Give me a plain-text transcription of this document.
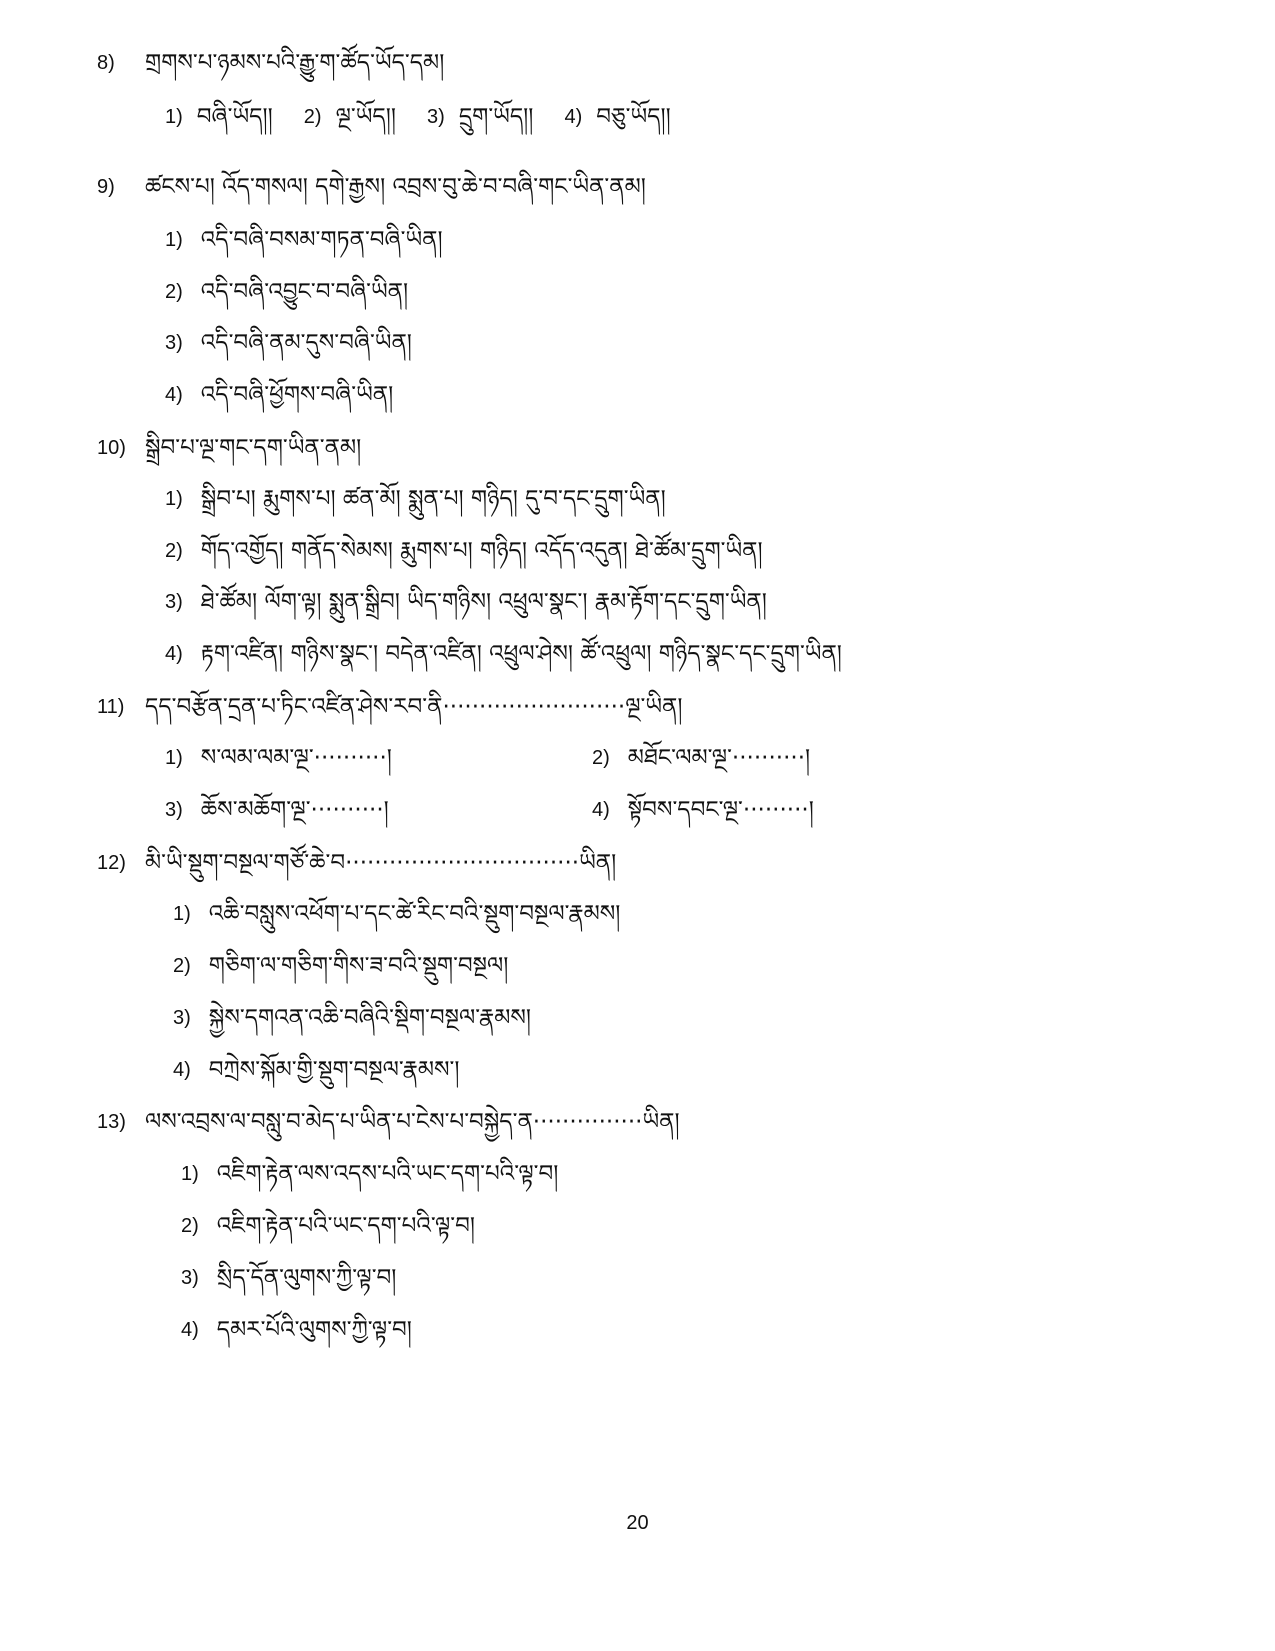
8) གྲགས་པ་ཉམས་པའི་རྒྱུ་ག་ཚོད་ཡོད་དམ།
1) བཞི་ཡོད།། 2) ལྔ་ཡོད།། 3) དྲུག་ཡོད།། 4) བཅུ་ཡོད།།
9) ཚངས་པ། འོད་གསལ། དགེ་རྒྱས། འབྲས་བུ་ཆེ་བ་བཞི་གང་ཡིན་ནམ།
1) འདི་བཞི་བསམ་གཏན་བཞི་ཡིན།
2) འདི་བཞི་འབྱུང་བ་བཞི་ཡིན།
3) འདི་བཞི་ནམ་དུས་བཞི་ཡིན།
4) འདི་བཞི་ཕྱོགས་བཞི་ཡིན།
10) སྒྲིབ་པ་ལྔ་གང་དག་ཡིན་ནམ།
1) སྒྲིབ་པ། རྨུགས་པ། ཚན་མོ། སྨུན་པ། གཉིད། དུ་བ་དང་དྲུག་ཡིན།
2) གོད་འགྱོད། གནོད་སེམས། རྨུགས་པ། གཉིད། འདོད་འདུན། ཐེ་ཚོམ་དྲུག་ཡིན།
3) ཐེ་ཚོམ། ལོག་ལྟ། སྨུན་སྒྲིབ། ཡིད་གཉིས། འཕྲུལ་སྣང་། རྣམ་རྟོག་དང་དྲུག་ཡིན།
4) རྟག་འཛིན། གཉིས་སྣང་། བདེན་འཛིན། འཕྲུལ་ཤེས། ཚོ་འཕྲུལ། གཉིད་སྣང་དང་དྲུག་ཡིན།
11) དད་བརྩོན་དྲན་པ་ཏིང་འཛིན་ཤེས་རབ་ནི·························ལྔ་ཡིན།
1) ས་ལམ་ལམ་ལྔ་··········།	2) མཐོང་ལམ་ལྔ་··········།
3) ཆོས་མཆོག་ལྔ་··········།	4) སྟོབས་དབང་ལྔ་·········།
12) མི་ཡི་སྡུག་བསྔལ་གཙོ་ཆེ་བ································ཡིན།
1) འཆི་བསླུས་འཕོག་པ་དང་ཚེ་རིང་བའི་སྡུག་བསྔལ་རྣམས།
2) གཅིག་ལ་གཅིག་གིས་ཟ་བའི་སྡུག་བསྔལ།
3) སྐྱེས་དགའན་འཆི་བཞིའི་སྡིག་བསྔལ་རྣམས།
4) བཀྲེས་སྐོམ་གྱི་སྡུག་བསྔལ་རྣམས་།
13) ལས་འབྲས་ལ་བསླུ་བ་མེད་པ་ཡིན་པ་ངེས་པ་བསྐྱེད་ན···············ཡིན།
1) འཇིག་རྟེན་ལས་འདས་པའི་ཡང་དག་པའི་ལྟ་བ།
2) འཇིག་རྟེན་པའི་ཡང་དག་པའི་ལྟ་བ།
3) སྲིད་དོན་ལུགས་ཀྱི་ལྟ་བ།
4) དམར་པོའི་ལུགས་ཀྱི་ལྟ་བ།
20
